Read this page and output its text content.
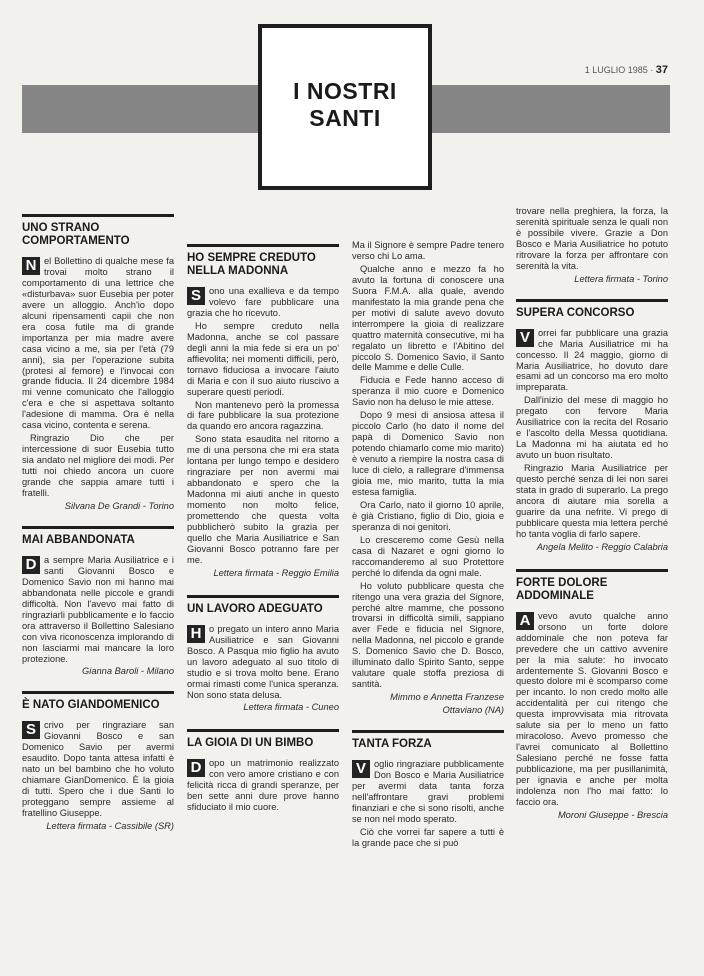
I NOSTRI
SANTI
1 LUGLIO 1985 · 37
UNO STRANO COMPORTAMENTO

N el Bollettino di qualche mese fa trovai molto strano il comportamento di una lettrice che «disturbava» suor Eusebia per poter avere un alloggio. Anch'io dopo alcuni ripensamenti capii che non era cosa futile ma di grande importanza per mia madre avere casa vicino a me, sia per l'età (79 anni), sia per l'operazione subita (protesi al femore) e l'invocai con grande fiducia. Il 24 dicembre 1984 mi venne comunicato che l'alloggio c'era e che si aspettava soltanto l'adesione di mamma. Ora è nella casa vicino, contenta e serena.

Ringrazio Dio che per intercessione di suor Eusebia tutto sia andato nel migliore dei modi. Per tutti noi chiedo ancora un cuore grande che sappia amare tutti i fratelli.

Silvana De Grandi - Torino

MAI ABBANDONATA

D a sempre Maria Ausiliatrice e i santi Giovanni Bosco e Domenico Savio non mi hanno mai abbandonata nelle piccole e grandi difficoltà. Non l'avevo mai fatto di ringraziarli pubblicamente e lo faccio ora attraverso il Bollettino Salesiano con viva riconoscenza implorando di non lasciarmi mai mancare la loro protezione.

Gianna Baroli - Milano

È NATO GIANDOMENICO

S crivo per ringraziare san Giovanni Bosco e san Domenico Savio per avermi esaudito. Dopo tanta attesa infatti è nato un bel bambino che ho voluto chiamare GianDomenico. È la gioia di tutti. Spero che i due Santi lo proteggano sempre assieme al fratellino Giuseppe.

Lettera firmata - Cassibile (SR)

HO SEMPRE CREDUTO NELLA MADONNA

S ono una exallieva e da tempo volevo fare pubblicare una grazia che ho ricevuto.

Ho sempre creduto nella Madonna, anche se col passare degli anni la mia fede si era un po' affievolita; nei momenti difficili, però, tornavo fiduciosa a invocare l'aiuto di Maria e con il suo aiuto riuscivo a superare questi periodi.

Non mantenevo però la promessa di fare pubblicare la sua protezione da quando ero ancora ragazzina.

Sono stata esaudita nel ritorno a me di una persona che mi era stata lontana per lungo tempo e desidero ringraziare per non avermi mai abbandonato e spero che la Madonna mi aiuti anche in questo momento non molto felice, promettendo che questa volta pubblicherò subito la grazia per quello che Maria Ausiliatrice e San Giovanni Bosco potranno fare per me.

Lettera firmata - Reggio Emilia

UN LAVORO ADEGUATO

H o pregato un intero anno Maria Ausiliatrice e san Giovanni Bosco. A Pasqua mio figlio ha avuto un lavoro adeguato al suo titolo di studio e si trova molto bene. Erano ormai rimasti come l'unica speranza. Non sono stata delusa.

Lettera firmata - Cuneo

LA GIOIA DI UN BIMBO

D opo un matrimonio realizzato con vero amore cristiano e con felicità ricca di grandi speranze, per ben sette anni dure prove hanno sfiduciato il mio cuore.

Ma il Signore è sempre Padre tenero verso chi Lo ama.

Qualche anno e mezzo fa ho avuto la fortuna di conoscere una Suora F.M.A. alla quale, avendo manifestato la mia grande pena che per motivi di salute avevo dovuto interrompere la gioia di realizzare quattro maternità consecutive, mi ha regalato un libretto e l'Abitino del piccolo S. Domenico Savio, il Santo delle Mamme e delle Culle.

Fiducia e Fede hanno acceso di speranza il mio cuore e Domenico Savio non ha deluso le mie attese.

Dopo 9 mesi di ansiosa attesa il piccolo Carlo (ho dato il nome del papà di Domenico Savio non potendo chiamarlo come mio marito) è venuto a riempire la nostra casa di luce di cielo, a rallegrare d'immensa gioia me, mio marito, tutta la mia estesa famiglia.

Ora Carlo, nato il giorno 10 aprile, è già Cristiano, figlio di Dio, gioia e speranza di noi genitori.

Lo cresceremo come Gesù nella casa di Nazaret e ogni giorno lo raccomanderemo al suo Protettore perché lo difenda da ogni male.

Ho voluto pubblicare questa che ritengo una vera grazia del Signore, perché altre mamme, che possono trovarsi in difficoltà simili, sappiano aver Fede e fiducia nel Signore, nella Madonna, nel piccolo e grande S. Domenico Savio che D. Bosco, illuminato dallo Spirito Santo, seppe valutare quale stoffa preziosa di santità.

Mimmo e Annetta Franzese

Ottaviano (NA)

TANTA FORZA

V oglio ringraziare pubblicamente Don Bosco e Maria Ausiliatrice per avermi data tanta forza nell'affrontare gravi problemi finanziari e che si sono risolti, anche se non nel modo sperato.

Ciò che vorrei far sapere a tutti è la grande pace che si può

trovare nella preghiera, la forza, la serenità spirituale senza le quali non è possibile vivere. Grazie a Don Bosco e Maria Ausiliatrice ho potuto ritrovare la forza per affrontare con serenità la vita.

Lettera firmata - Torino

SUPERA CONCORSO

V orrei far pubblicare una grazia che Maria Ausiliatrice mi ha concesso. Il 24 maggio, giorno di Maria Ausiliatrice, ho dovuto dare esami ad un concorso ma ero molto impreparata.

Dall'inizio del mese di maggio ho pregato con fervore Maria Ausiliatrice con la recita del Rosario e l'ascolto della Messa quotidiana. La Madonna mi ha aiutata ed ho avuto un buon risultato.

Ringrazio Maria Ausiliatrice per questo perché senza di lei non sarei stata in grado di superarlo. La prego ancora di aiutare mia sorella a guarire da una nefrite. Vi prego di pubblicare questa mia lettera perché ho tanta voglia di farlo sapere.

Angela Melito - Reggio Calabria

FORTE DOLORE ADDOMINALE

A vevo avuto qualche anno orsono un forte dolore addominale che non poteva far prevedere che un cattivo avvenire per la mia salute: ho invocato ardentemente S. Giovanni Bosco e questo dolore mi è scomparso come per incanto. Io non credo molto alle accidentalità per cui ritengo che questa improvvisata mia ritrovata salute sia per lo meno un fatto miracoloso. Avevo promesso che l'avrei comunicato al Bollettino Salesiano perché ne fosse fatta pubblicazione, ma per pusillanimità, per ignavia e anche per molta indolenza non l'ho mai fatto: lo faccio ora.

Moroni Giuseppe - Brescia
